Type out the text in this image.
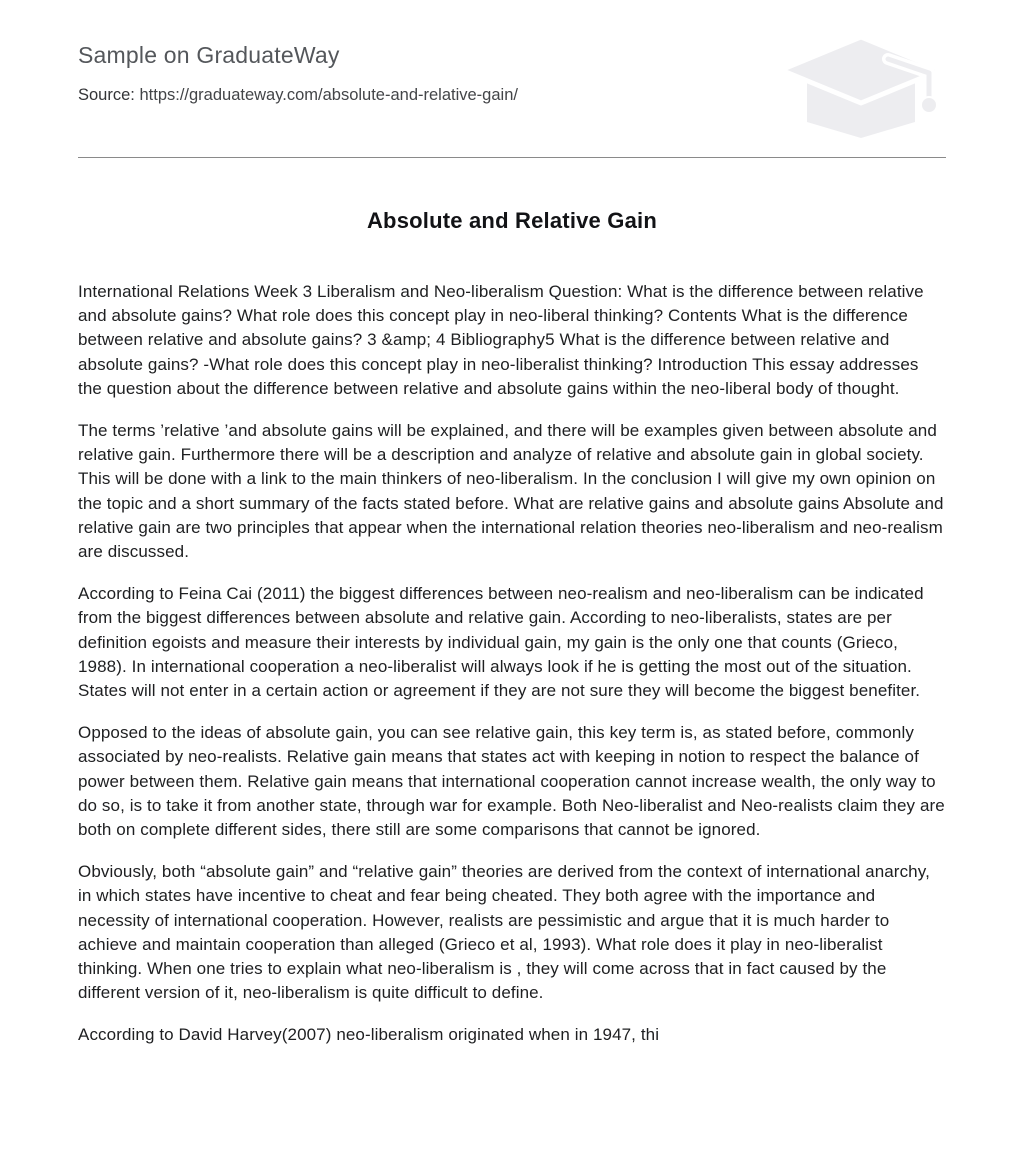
Sample on GraduateWay
Source: https://graduateway.com/absolute-and-relative-gain/
Absolute and Relative Gain

International Relations Week 3 Liberalism and Neo-liberalism Question: What is the difference between relative and absolute gains? What role does this concept play in neo-liberal thinking? Contents What is the difference between relative and absolute gains? 3 &amp; 4 Bibliography5 What is the difference between relative and absolute gains? -What role does this concept play in neo-liberalist thinking? Introduction This essay addresses the question about the difference between relative and absolute gains within the neo-liberal body of thought.

The terms ’relative ’and absolute gains will be explained, and there will be examples given between absolute and relative gain. Furthermore there will be a description and analyze of relative and absolute gain in global society. This will be done with a link to the main thinkers of neo-liberalism. In the conclusion I will give my own opinion on the topic and a short summary of the facts stated before. What are relative gains and absolute gains Absolute and relative gain are two principles that appear when the international relation theories neo-liberalism and neo-realism are discussed.

According to Feina Cai (2011) the biggest differences between neo-realism and neo-liberalism can be indicated from the biggest differences between absolute and relative gain. According to neo-liberalists, states are per definition egoists and measure their interests by individual gain, my gain is the only one that counts (Grieco, 1988). In international cooperation a neo-liberalist will always look if he is getting the most out of the situation. States will not enter in a certain action or agreement if they are not sure they will become the biggest benefiter.

Opposed to the ideas of absolute gain, you can see relative gain, this key term is, as stated before, commonly associated by neo-realists. Relative gain means that states act with keeping in notion to respect the balance of power between them. Relative gain means that international cooperation cannot increase wealth, the only way to do so, is to take it from another state, through war for example. Both Neo-liberalist and Neo-realists claim they are both on complete different sides, there still are some comparisons that cannot be ignored.

Obviously, both “absolute gain” and “relative gain” theories are derived from the context of international anarchy, in which states have incentive to cheat and fear being cheated. They both agree with the importance and necessity of international cooperation. However, realists are pessimistic and argue that it is much harder to achieve and maintain cooperation than alleged (Grieco et al, 1993). What role does it play in neo-liberalist thinking. When one tries to explain what neo-liberalism is , they will come across that in fact caused by the different version of it, neo-liberalism is quite difficult to define.

According to David Harvey(2007) neo-liberalism originated when in 1947, thi
